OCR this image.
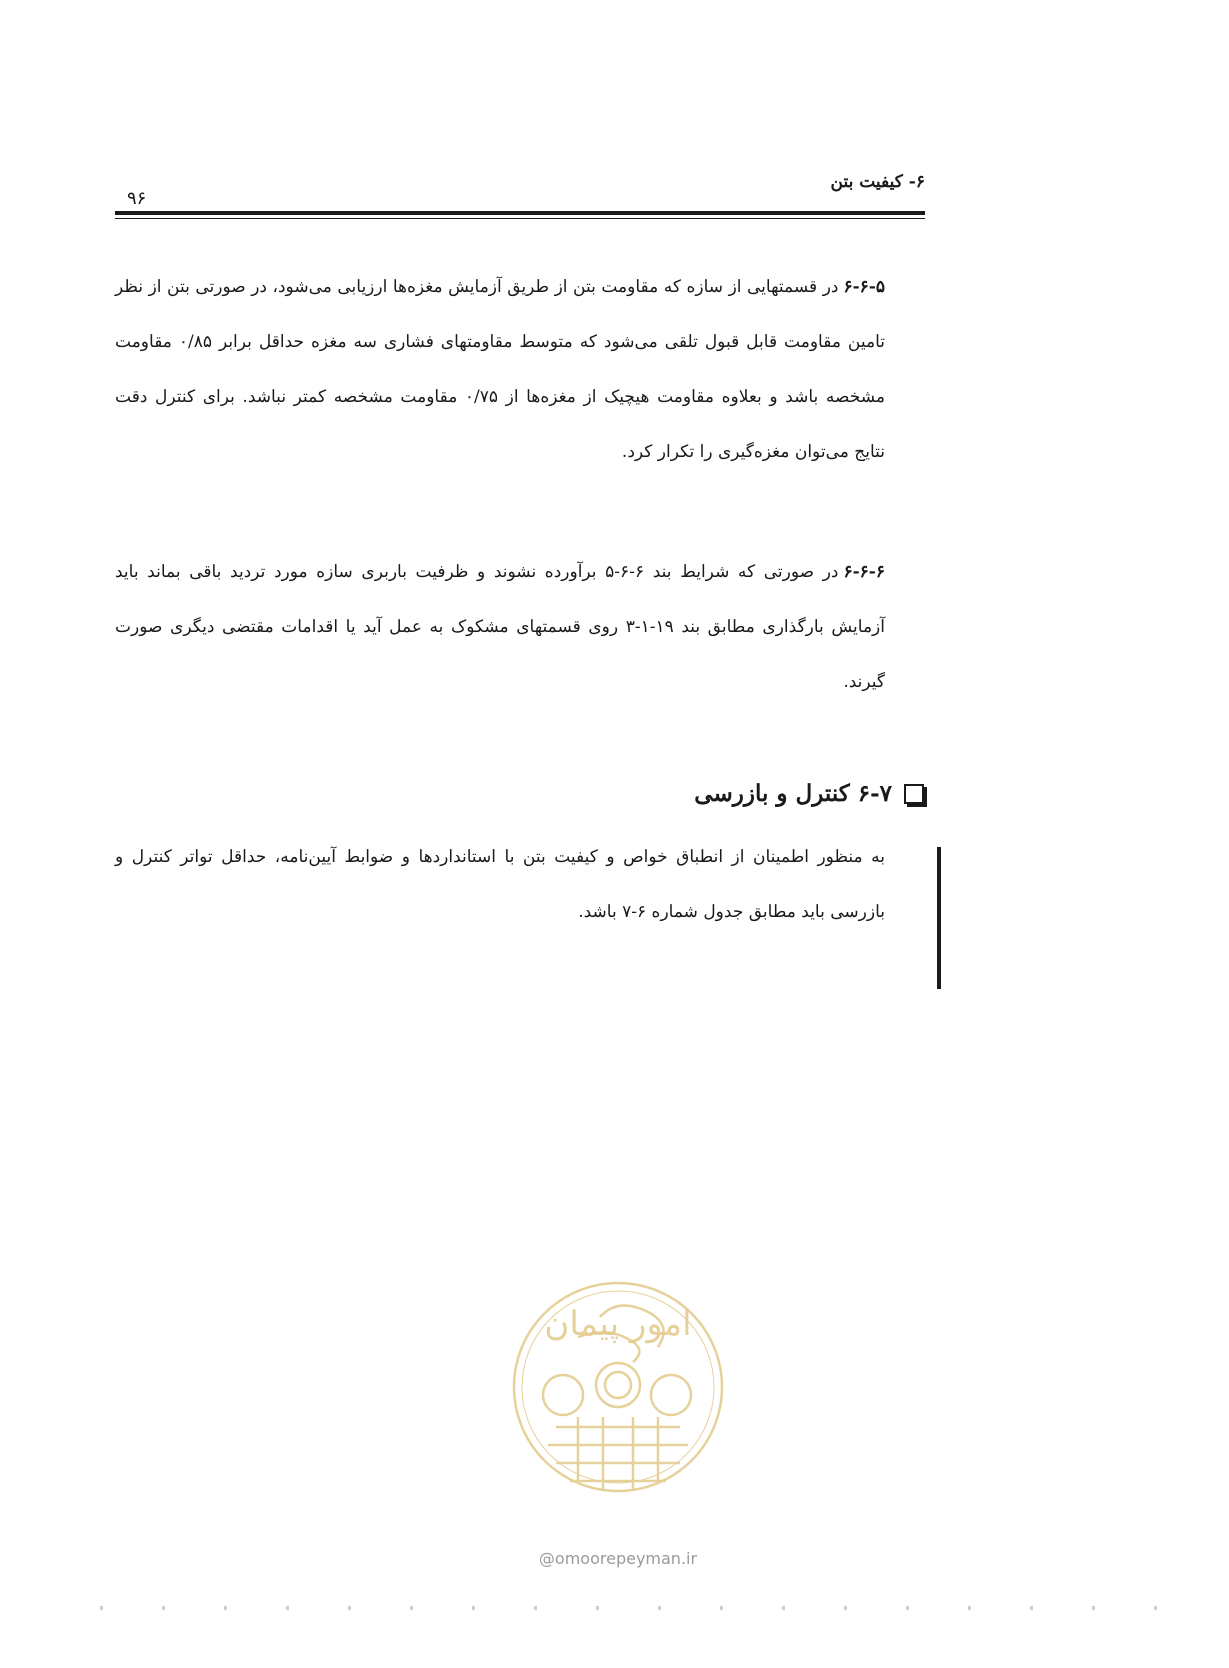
۶- کیفیت بتن
۹۶

۶-۶-۵در قسمتهایی از سازه که مقاومت بتن از طریق آزمایش مغزه‌ها ارزیابی می‌شود، در صورتی بتن از نظر تامین مقاومت قابل قبول تلقی می‌شود که متوسط مقاومتهای فشاری سه مغزه حداقل برابر ۰/۸۵ مقاومت مشخصه باشد و بعلاوه مقاومت هیچیک از مغزه‌ها از ۰/۷۵ مقاومت مشخصه کمتر نباشد. برای کنترل دقت نتایج می‌توان مغزه‌گیری را تکرار کرد.

۶-۶-۶در صورتی که شرایط بند ۶-۶-۵ برآورده نشوند و ظرفیت باربری سازه مورد تردید باقی بماند باید آزمایش بارگذاری مطابق بند ۱۹-۱-۳ روی قسمتهای مشکوک به عمل آید یا اقدامات مقتضی دیگری صورت گیرند.

۶-۷ کنترل و بازرسی

به منظور اطمینان از انطباق خواص و کیفیت بتن با استانداردها و ضوابط آیین‌نامه، حداقل تواتر کنترل و بازرسی باید مطابق جدول شماره ۶-۷ باشد.

امور پیمان
@omoorepeyman.ir
